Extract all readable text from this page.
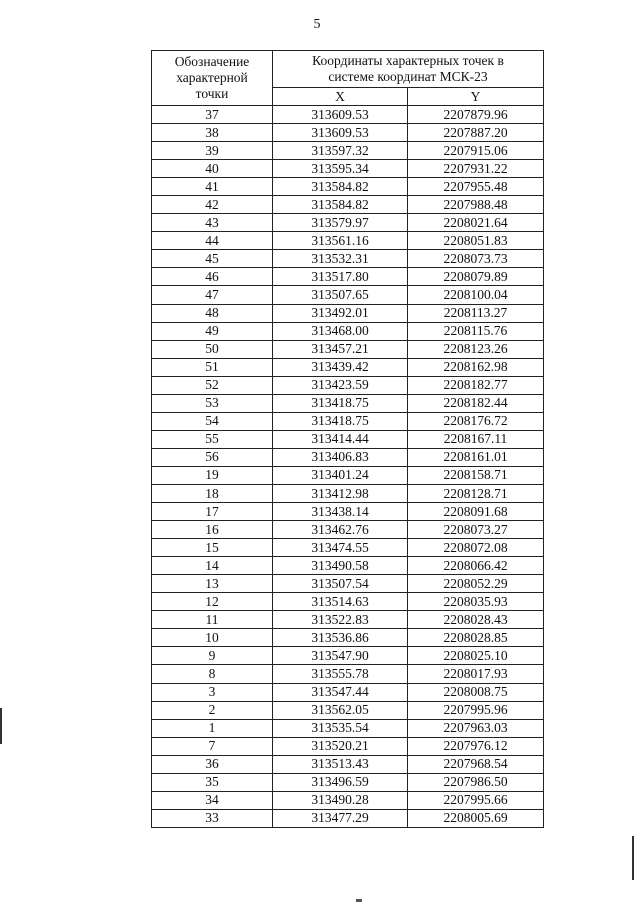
5
Обозначение
характерной
точки	Координаты характерных точек в
системе координат МСК-23	
	X	Y
37	313609.53	2207879.96
38	313609.53	2207887.20
39	313597.32	2207915.06
40	313595.34	2207931.22
41	313584.82	2207955.48
42	313584.82	2207988.48
43	313579.97	2208021.64
44	313561.16	2208051.83
45	313532.31	2208073.73
46	313517.80	2208079.89
47	313507.65	2208100.04
48	313492.01	2208113.27
49	313468.00	2208115.76
50	313457.21	2208123.26
51	313439.42	2208162.98
52	313423.59	2208182.77
53	313418.75	2208182.44
54	313418.75	2208176.72
55	313414.44	2208167.11
56	313406.83	2208161.01
19	313401.24	2208158.71
18	313412.98	2208128.71
17	313438.14	2208091.68
16	313462.76	2208073.27
15	313474.55	2208072.08
14	313490.58	2208066.42
13	313507.54	2208052.29
12	313514.63	2208035.93
11	313522.83	2208028.43
10	313536.86	2208028.85
9	313547.90	2208025.10
8	313555.78	2208017.93
3	313547.44	2208008.75
2	313562.05	2207995.96
1	313535.54	2207963.03
7	313520.21	2207976.12
36	313513.43	2207968.54
35	313496.59	2207986.50
34	313490.28	2207995.66
33	313477.29	2208005.69
